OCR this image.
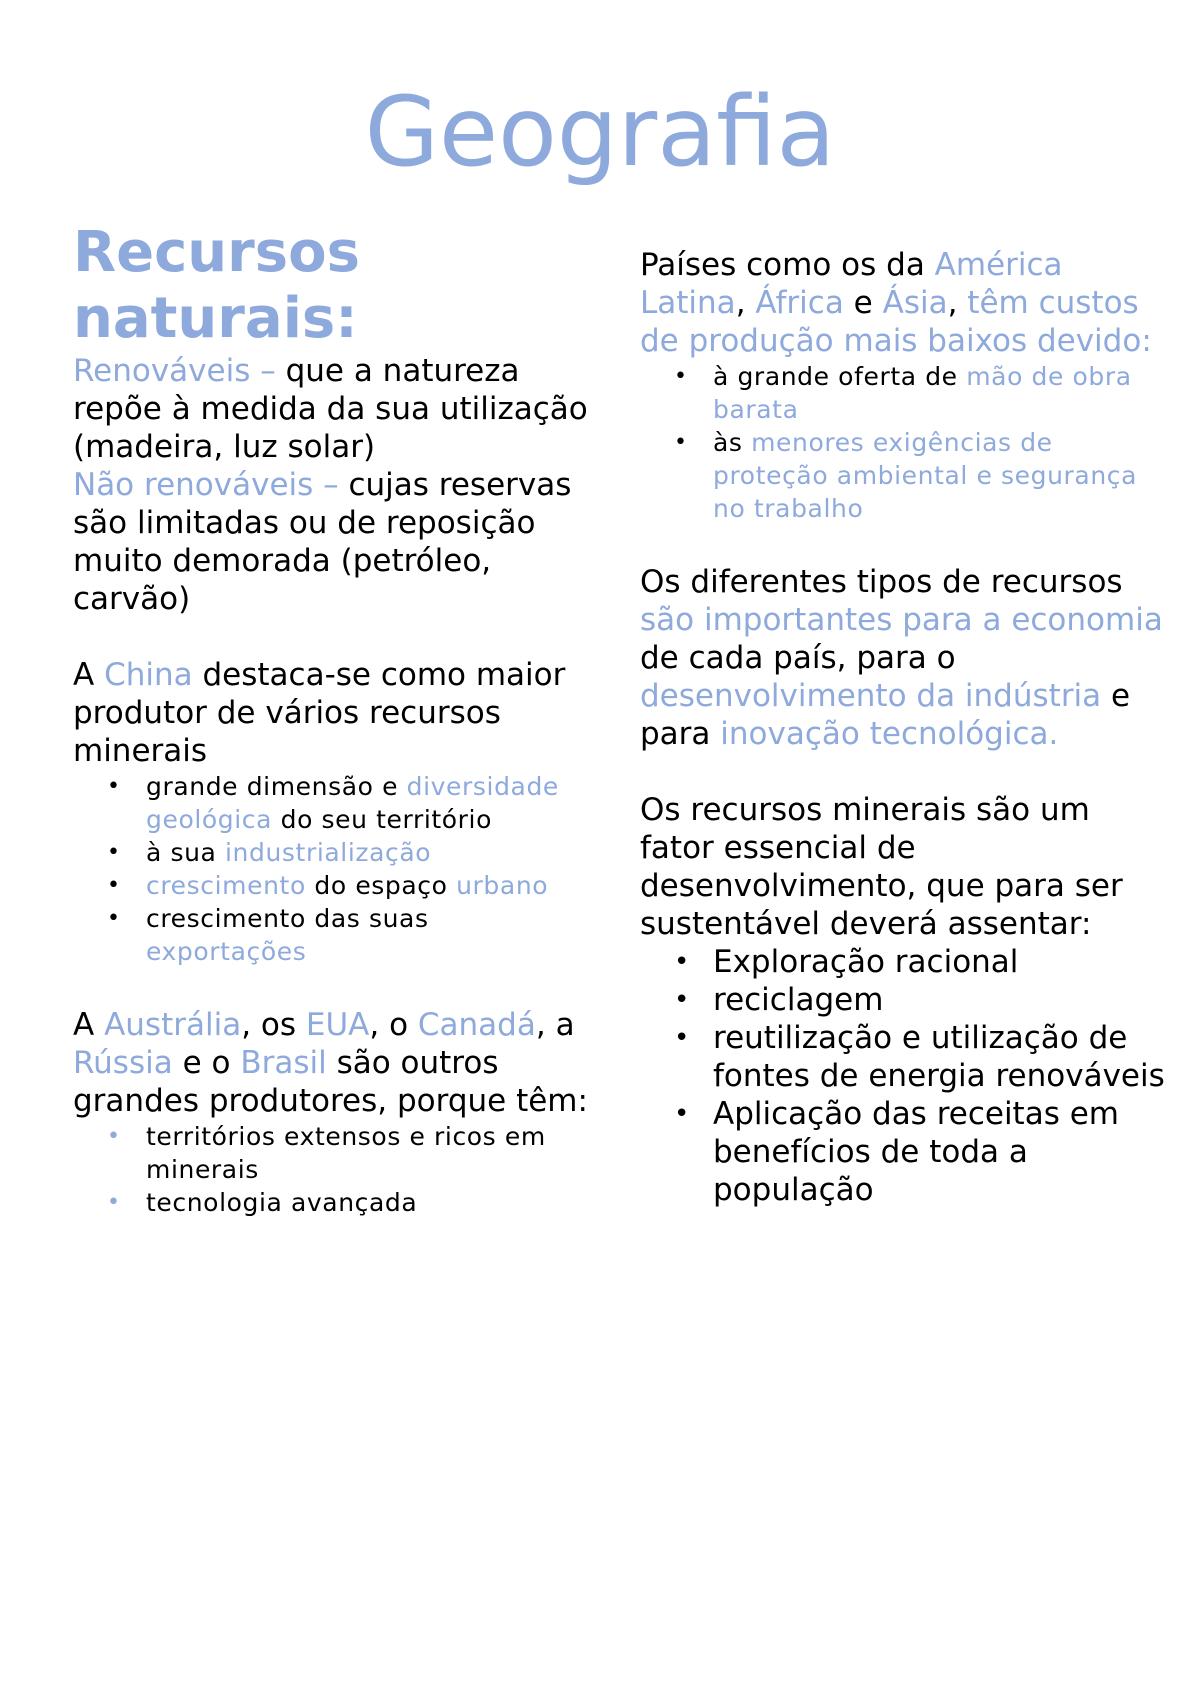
Geografia
Recursos naturais:

Renováveis – que a natureza repõe à medida da sua utilização (madeira, luz solar)

Não renováveis – cujas reservas são limitadas ou de reposição muito demorada (petróleo, carvão)

A China destaca-se como maior produtor de vários recursos minerais

• grande dimensão e diversidade geológica do seu território
• à sua industrialização
• crescimento do espaço urbano
• crescimento das suas exportações

A Austrália, os EUA, o Canadá, a Rússia e o Brasil são outros grandes produtores, porque têm:

• territórios extensos e ricos em minerais
• tecnologia avançada

Países como os da América Latina, África e Ásia, têm custos de produção mais baixos devido:

• à grande oferta de mão de obra barata
• às menores exigências de proteção ambiental e segurança no trabalho

Os diferentes tipos de recursos são importantes para a economia de cada país, para o desenvolvimento da indústria e para inovação tecnológica.

Os recursos minerais são um fator essencial de desenvolvimento, que para ser sustentável deverá assentar:

• Exploração racional
• reciclagem
• reutilização e utilização de fontes de energia renováveis
• Aplicação das receitas em benefícios de toda a população
